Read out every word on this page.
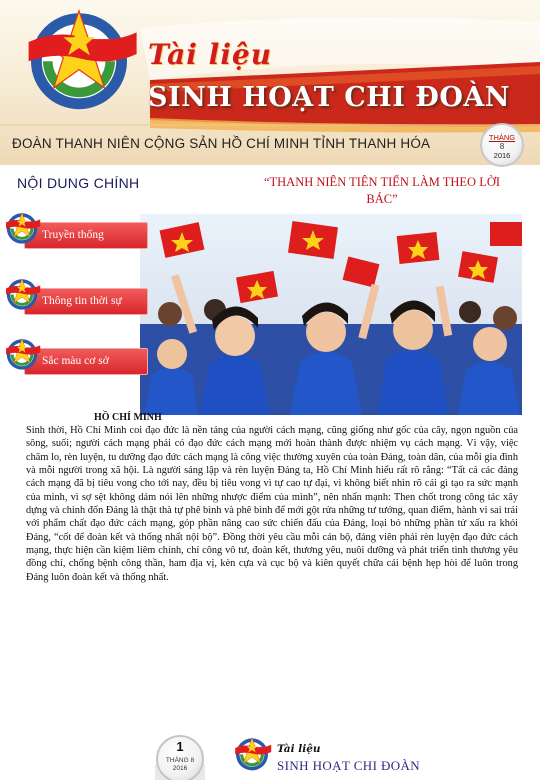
Tài liệu
SINH HOẠT CHI ĐOÀN
ĐOÀN THANH NIÊN CỘNG SẢN HỒ CHÍ MINH TỈNH THANH HÓA	THÁNG
8
2016
NỘI DUNG CHÍNH	“THANH NIÊN TIÊN TIẾN LÀM THEO LỜI BÁC”
Truyền thống
Thông tin thời sự
Sắc màu cơ sở
HỒ CHÍ MINH
Sinh thời, Hồ Chí Minh coi đạo đức là nền tảng của người cách mạng, cũng giống như gốc của cây, ngọn nguồn của sông, suối; người cách mạng phải có đạo đức cách mạng mới hoàn thành được nhiệm vụ cách mạng. Vì vậy, việc chăm lo, rèn luyện, tu dưỡng đạo đức cách mạng là công việc thường xuyên của toàn Đảng, toàn dân, của mỗi gia đình và mỗi người trong xã hội. Là người sáng lập và rèn luyện Đảng ta, Hồ Chí Minh hiểu rất rõ rằng: “Tất cả các đảng cách mạng đã bị tiêu vong cho tới nay, đều bị tiêu vong vì tự cao tự đại, vì không biết nhìn rõ cái gì tạo ra sức mạnh của mình, vì sợ sệt không dám nói lên những nhược điểm của mình”, nên nhấn mạnh: Then chốt trong công tác xây dựng và chỉnh đốn Đảng là thật thà tự phê bình và phê bình để mới gột rửa những tư tưởng, quan điểm, hành vi sai trái với phẩm chất đạo đức cách mạng, góp phần nâng cao sức chiến đấu của Đảng, loại bỏ những phần tử xấu ra khỏi Đảng, “cốt để đoàn kết và thống nhất nội bộ”. Đồng thời yêu cầu mỗi cán bộ, đảng viên phải rèn luyện đạo đức cách mạng, thực hiện cần kiệm liêm chính, chí công vô tư, đoàn kết, thương yêu, nuôi dưỡng và phát triển tình thương yêu đồng chí, chống bệnh công thần, ham địa vị, kèn cựa và cục bộ và kiên quyết chữa cái bệnh hẹp hòi để luôn trong Đảng luôn đoàn kết và thống nhất.
1
THÁNG 8
2016
Tài liệu
SINH HOẠT CHI ĐOÀN
